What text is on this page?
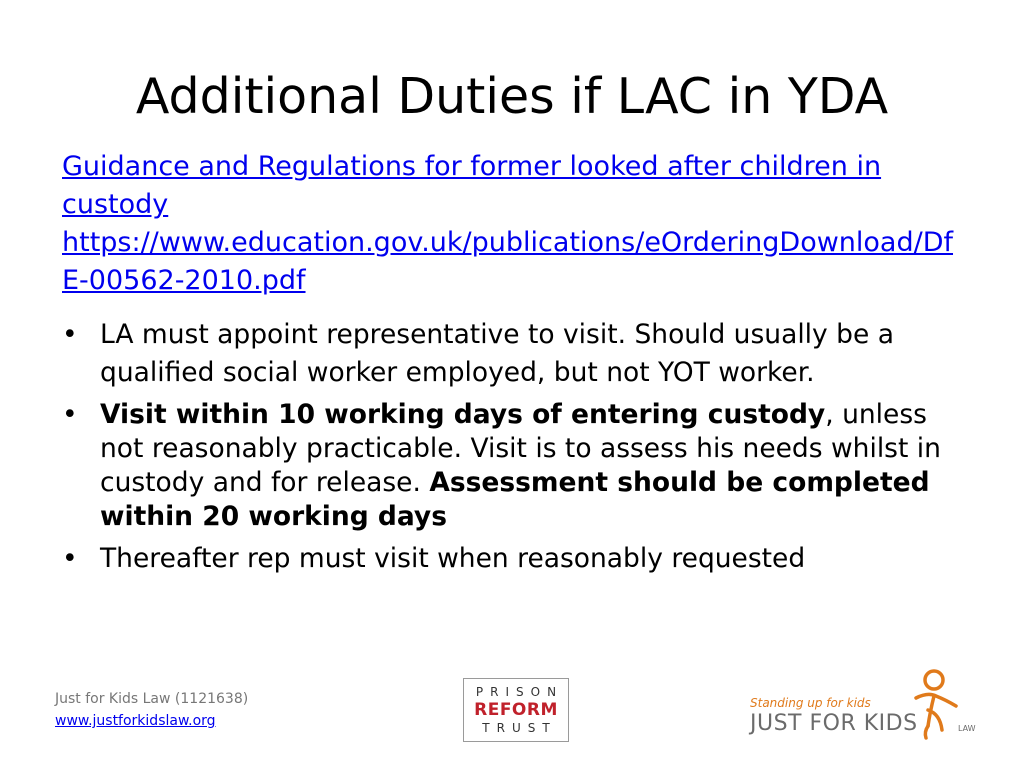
Additional Duties if LAC in YDA
Guidance and Regulations for former looked after children in custody
https://www.education.gov.uk/publications/eOrderingDownload/DfE-00562-2010.pdf
• LA must appoint representative to visit. Should usually be a qualified social worker employed, but not YOT worker.
• Visit within 10 working days of entering custody, unless not reasonably practicable. Visit is to assess his needs whilst in custody and for release. Assessment should be completed within 20 working days
• Thereafter rep must visit when reasonably requested
Just for Kids Law (1121638)
www.justforkidslaw.org
PRISON
REFORM
TRUST
Standing up for kids
JUST FOR KIDS	LAW
